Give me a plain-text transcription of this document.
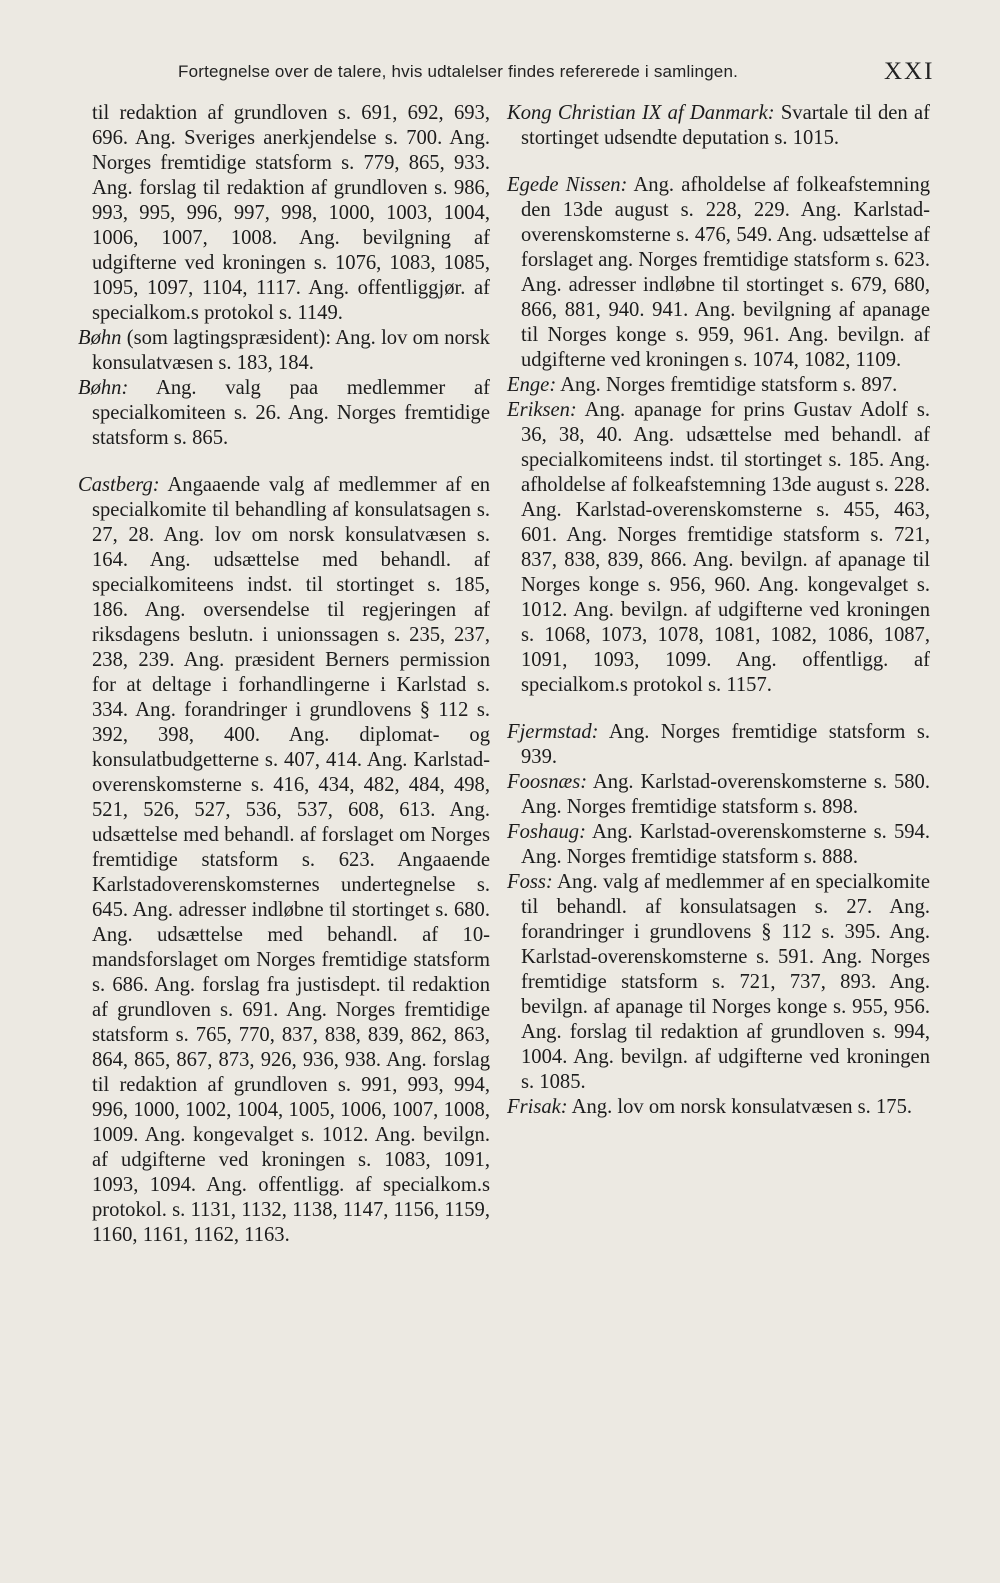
Fortegnelse over de talere, hvis udtalelser findes refererede i samlingen.	XXI

til redaktion af grundloven s. 691, 692, 693, 696. Ang. Sveriges anerkjendelse s. 700. Ang. Norges fremtidige statsform s. 779, 865, 933. Ang. forslag til redaktion af grundloven s. 986, 993, 995, 996, 997, 998, 1000, 1003, 1004, 1006, 1007, 1008. Ang. bevilgning af udgifterne ved kroningen s. 1076, 1083, 1085, 1095, 1097, 1104, 1117. Ang. offentliggjør. af specialkom.s protokol s. 1149.

Bøhn (som lagtingspræsident): Ang. lov om norsk konsulatvæsen s. 183, 184.

Bøhn: Ang. valg paa medlemmer af specialkomiteen s. 26. Ang. Norges fremtidige statsform s. 865.

Castberg: Angaaende valg af medlemmer af en specialkomite til behandling af konsulatsagen s. 27, 28. Ang. lov om norsk konsulatvæsen s. 164. Ang. udsættelse med behandl. af specialkomiteens indst. til stortinget s. 185, 186. Ang. oversendelse til regjeringen af riksdagens beslutn. i unionssagen s. 235, 237, 238, 239. Ang. præsident Berners permission for at deltage i forhandlingerne i Karlstad s. 334. Ang. forandringer i grundlovens § 112 s. 392, 398, 400. Ang. diplomat- og konsulatbudgetterne s. 407, 414. Ang. Karlstad-overenskomsterne s. 416, 434, 482, 484, 498, 521, 526, 527, 536, 537, 608, 613. Ang. udsættelse med behandl. af forslaget om Norges fremtidige statsform s. 623. Angaaende Karlstadoverenskomsternes undertegnelse s. 645. Ang. adresser indløbne til stortinget s. 680. Ang. udsættelse med behandl. af 10-mandsforslaget om Norges fremtidige statsform s. 686. Ang. forslag fra justisdept. til redaktion af grundloven s. 691. Ang. Norges fremtidige statsform s. 765, 770, 837, 838, 839, 862, 863, 864, 865, 867, 873, 926, 936, 938. Ang. forslag til redaktion af grundloven s. 991, 993, 994, 996, 1000, 1002, 1004, 1005, 1006, 1007, 1008, 1009. Ang. kongevalget s. 1012. Ang. bevilgn. af udgifterne ved kroningen s. 1083, 1091, 1093, 1094. Ang. offentligg. af specialkom.s protokol. s. 1131, 1132, 1138, 1147, 1156, 1159, 1160, 1161, 1162, 1163.

Kong Christian IX af Danmark: Svartale til den af stortinget udsendte deputation s. 1015.

Egede Nissen: Ang. afholdelse af folkeafstemning den 13de august s. 228, 229. Ang. Karlstad-overenskomsterne s. 476, 549. Ang. udsættelse af forslaget ang. Norges fremtidige statsform s. 623. Ang. adresser indløbne til stortinget s. 679, 680, 866, 881, 940. 941. Ang. bevilgning af apanage til Norges konge s. 959, 961. Ang. bevilgn. af udgifterne ved kroningen s. 1074, 1082, 1109.

Enge: Ang. Norges fremtidige statsform s. 897.

Eriksen: Ang. apanage for prins Gustav Adolf s. 36, 38, 40. Ang. udsættelse med behandl. af specialkomiteens indst. til stortinget s. 185. Ang. afholdelse af folkeafstemning 13de august s. 228. Ang. Karlstad-overenskomsterne s. 455, 463, 601. Ang. Norges fremtidige statsform s. 721, 837, 838, 839, 866. Ang. bevilgn. af apanage til Norges konge s. 956, 960. Ang. kongevalget s. 1012. Ang. bevilgn. af udgifterne ved kroningen s. 1068, 1073, 1078, 1081, 1082, 1086, 1087, 1091, 1093, 1099. Ang. offentligg. af specialkom.s protokol s. 1157.

Fjermstad: Ang. Norges fremtidige statsform s. 939.

Foosnæs: Ang. Karlstad-overenskomsterne s. 580. Ang. Norges fremtidige statsform s. 898.

Foshaug: Ang. Karlstad-overenskomsterne s. 594. Ang. Norges fremtidige statsform s. 888.

Foss: Ang. valg af medlemmer af en specialkomite til behandl. af konsulatsagen s. 27. Ang. forandringer i grundlovens § 112 s. 395. Ang. Karlstad-overenskomsterne s. 591. Ang. Norges fremtidige statsform s. 721, 737, 893. Ang. bevilgn. af apanage til Norges konge s. 955, 956. Ang. forslag til redaktion af grundloven s. 994, 1004. Ang. bevilgn. af udgifterne ved kroningen s. 1085.

Frisak: Ang. lov om norsk konsulatvæsen s. 175.
